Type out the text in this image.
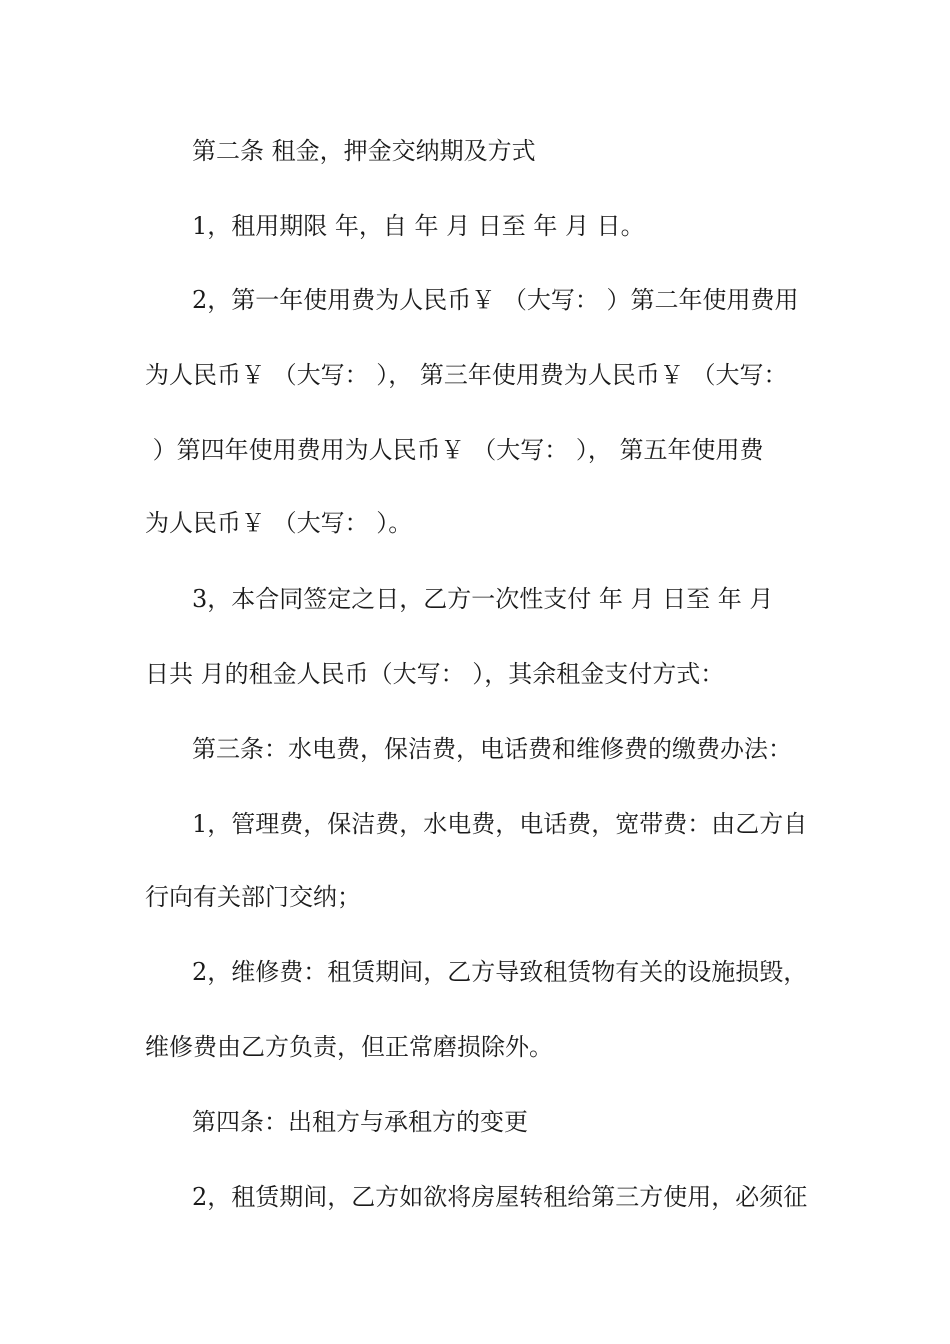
第二条 租金，押金交纳期及方式
1，租用期限 年，自 年 月 日至 年 月 日。
2，第一年使用费为人民币￥ （大写： ）第二年使用费用
为人民币￥ （大写： ）， 第三年使用费为人民币￥ （大写：
）第四年使用费用为人民币￥ （大写： ）， 第五年使用费
为人民币￥ （大写： ）。
3，本合同签定之日，乙方一次性支付 年 月 日至 年 月
日共 月的租金人民币（大写： ），其余租金支付方式：
第三条：水电费，保洁费，电话费和维修费的缴费办法：
1，管理费，保洁费，水电费，电话费，宽带费：由乙方自
行向有关部门交纳；
2，维修费：租赁期间，乙方导致租赁物有关的设施损毁，
维修费由乙方负责，但正常磨损除外。
第四条：出租方与承租方的变更
2，租赁期间，乙方如欲将房屋转租给第三方使用，必须征
